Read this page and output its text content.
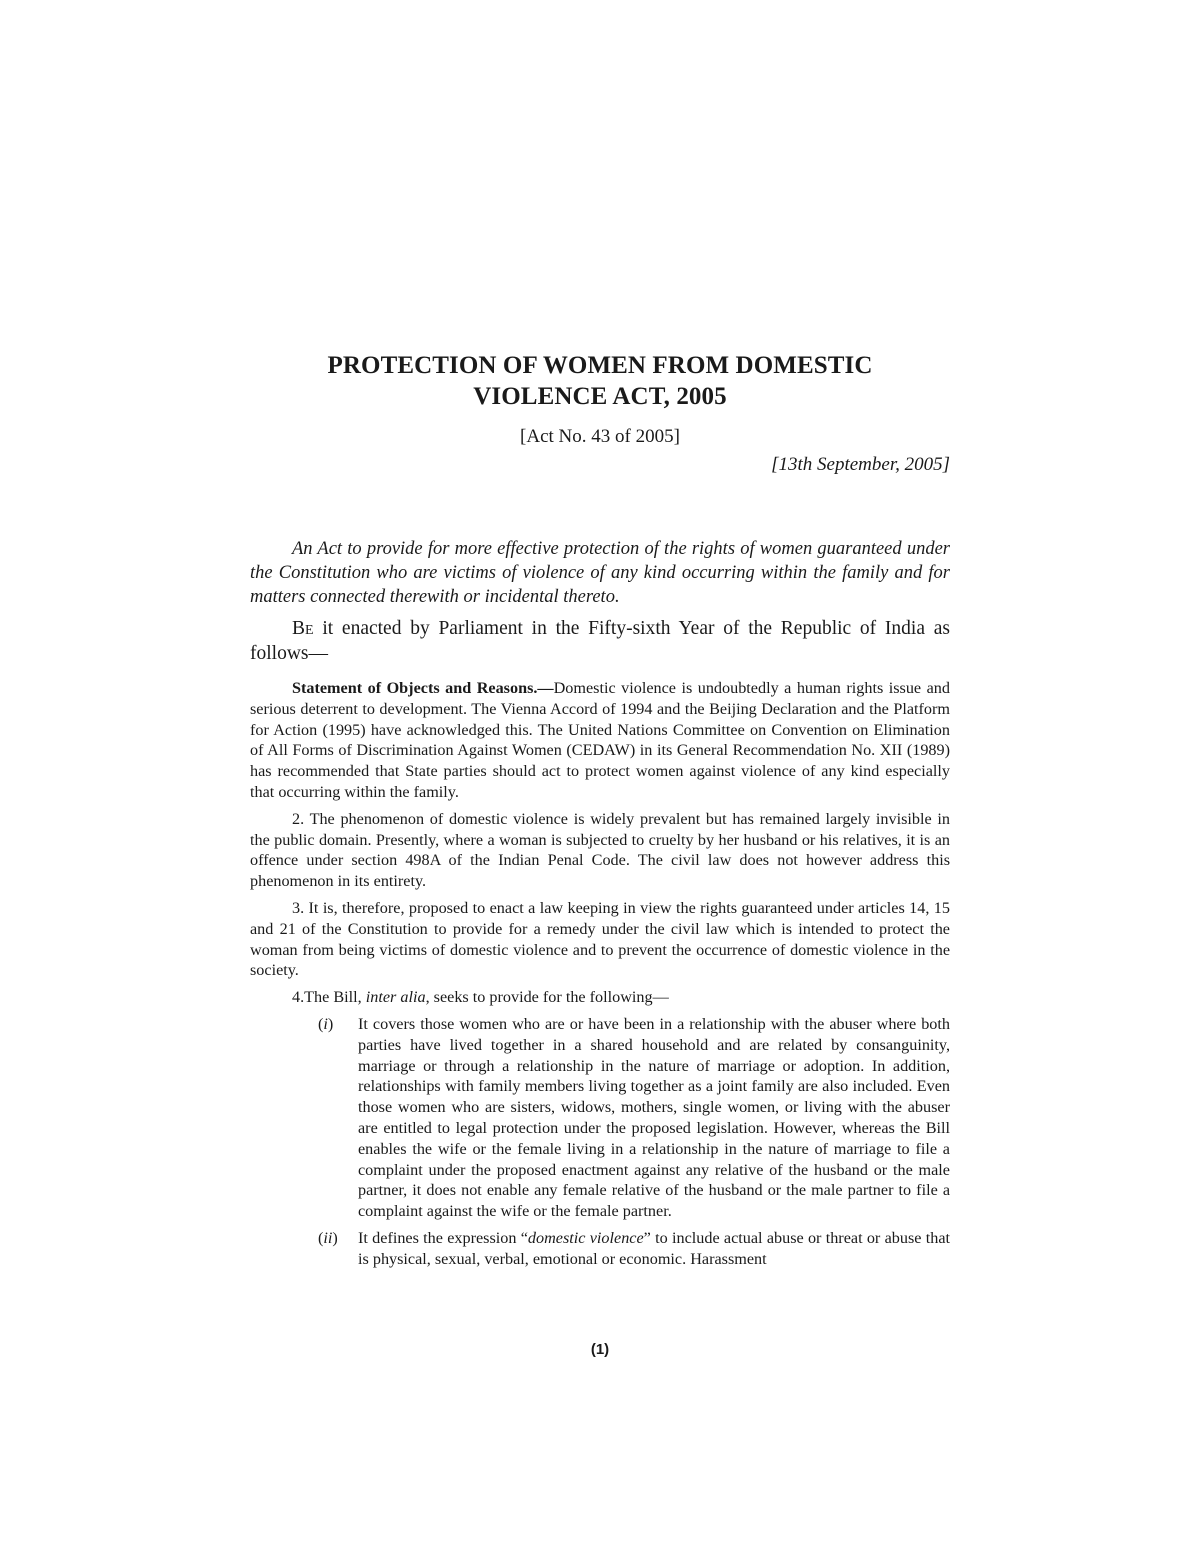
PROTECTION OF WOMEN FROM DOMESTIC
VIOLENCE ACT, 2005
[Act No. 43 of 2005]
[13th September, 2005]
An Act to provide for more effective protection of the rights of women guaranteed under the Constitution who are victims of violence of any kind occurring within the family and for matters connected therewith or incidental thereto.
BE it enacted by Parliament in the Fifty-sixth Year of the Republic of India as follows—

Statement of Objects and Reasons.—Domestic violence is undoubtedly a human rights issue and serious deterrent to development. The Vienna Accord of 1994 and the Beijing Declaration and the Platform for Action (1995) have acknowledged this. The United Nations Committee on Convention on Elimination of All Forms of Discrimination Against Women (CEDAW) in its General Recommendation No. XII (1989) has recommended that State parties should act to protect women against violence of any kind especially that occurring within the family.

2. The phenomenon of domestic violence is widely prevalent but has remained largely invisible in the public domain. Presently, where a woman is subjected to cruelty by her husband or his relatives, it is an offence under section 498A of the Indian Penal Code. The civil law does not however address this phenomenon in its entirety.

3. It is, therefore, proposed to enact a law keeping in view the rights guaranteed under articles 14, 15 and 21 of the Constitution to provide for a remedy under the civil law which is intended to protect the woman from being victims of domestic violence and to prevent the occurrence of domestic violence in the society.

4.The Bill, inter alia, seeks to provide for the following—

(i)	It covers those women who are or have been in a relationship with the abuser where both parties have lived together in a shared household and are related by consanguinity, marriage or through a relationship in the nature of marriage or adoption. In addition, relationships with family members living together as a joint family are also included. Even those women who are sisters, widows, mothers, single women, or living with the abuser are entitled to legal protection under the proposed legislation. However, whereas the Bill enables the wife or the female living in a relationship in the nature of marriage to file a complaint under the proposed enactment against any relative of the husband or the male partner, it does not enable any female relative of the husband or the male partner to file a complaint against the wife or the female partner.
(ii)	It defines the expression “domestic violence” to include actual abuse or threat or abuse that is physical, sexual, verbal, emotional or economic. Harassment
(1)
